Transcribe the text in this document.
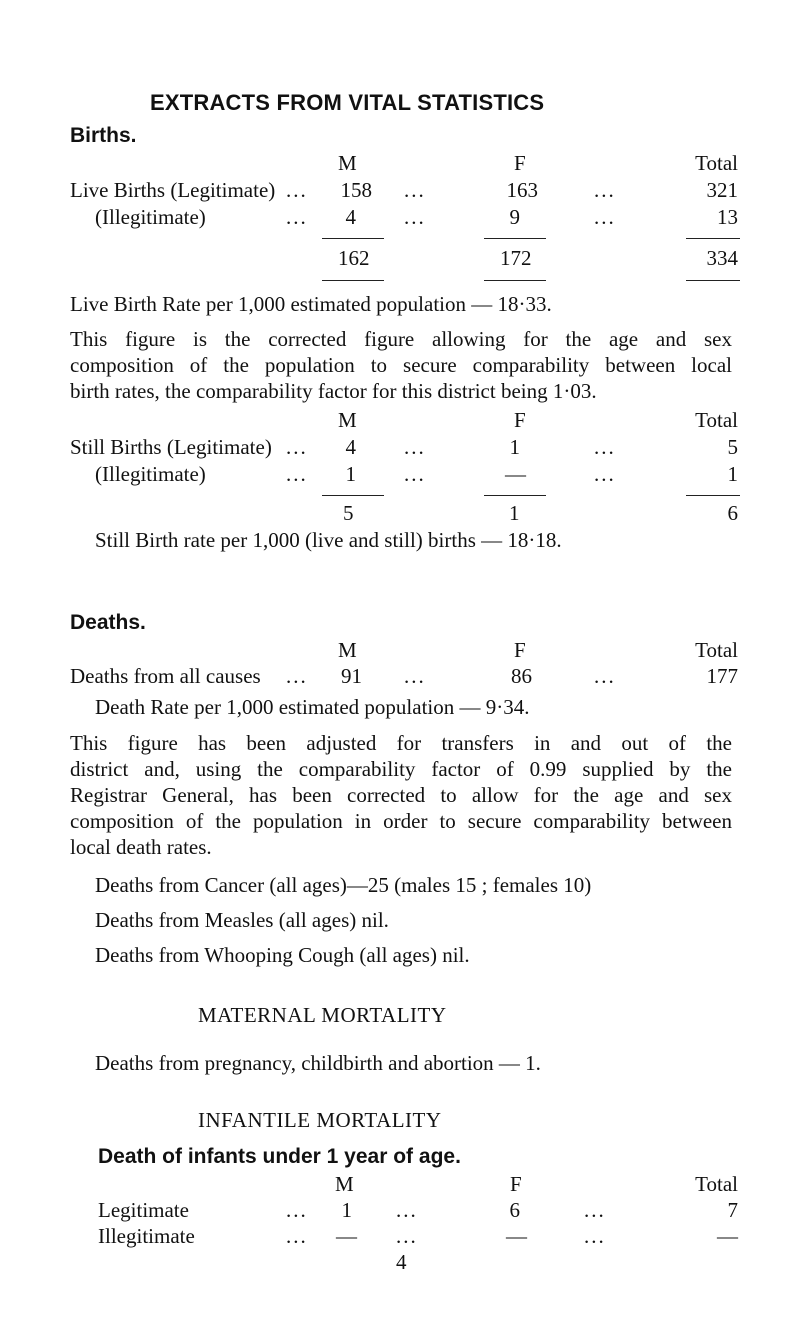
EXTRACTS FROM VITAL STATISTICS
Births.
M	F	Total
Live Births (Legitimate) ...	158 ...	163	...	321
(Illegitimate)	...	4 ...	9	...	13
162	172	334
Live Birth Rate per 1,000 estimated population — 18·33.
This figure is the corrected figure allowing for the age and sex
composition of the population to secure comparability between local
birth rates, the comparability factor for this district being 1·03.
M	F	Total
Still Births (Legitimate) ...	4 ...	1	...	5
(Illegitimate)	...	1 ...	—	...	1
5	1	6
Still Birth rate per 1,000 (live and still) births — 18·18.
Deaths.
M	F	Total
Deaths from all causes ...	91 ...	86	...	177
Death Rate per 1,000 estimated population — 9·34.
This figure has been adjusted for transfers in and out of the
district and, using the comparability factor of 0.99 supplied by the
Registrar General, has been corrected to allow for the age and sex
composition of the population in order to secure comparability between
local death rates.
Deaths from Cancer (all ages)—25 (males 15 ; females 10)
Deaths from Measles (all ages) nil.
Deaths from Whooping Cough (all ages) nil.
MATERNAL MORTALITY
Deaths from pregnancy, childbirth and abortion — 1.
INFANTILE MORTALITY
Death of infants under 1 year of age.
M	F	Total
Legitimate	...	1 ...	6	...	7
Illegitimate	...	— ...	—	...	—
4
